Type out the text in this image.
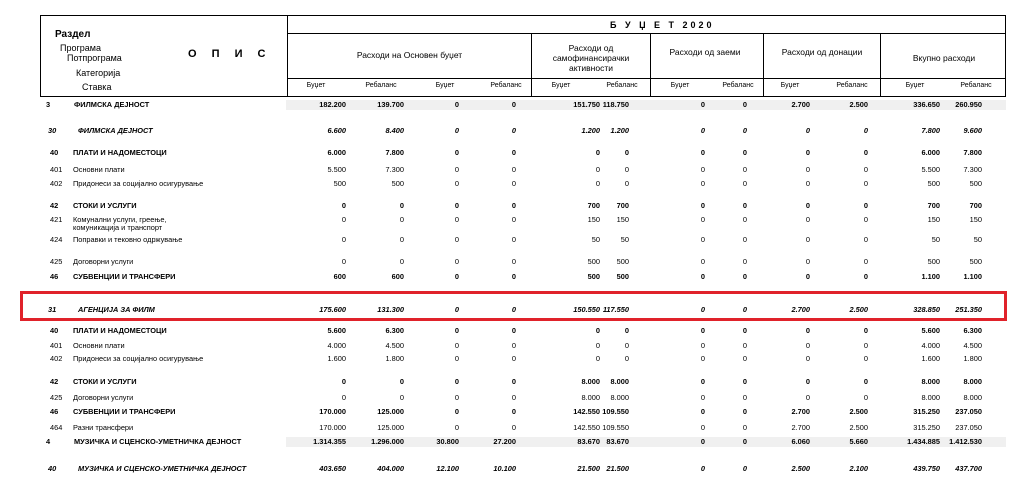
Раздел
Програма
Потпрограма
Категорија
Ставка
О П И С
Б У Џ Е Т 2020
Расходи на Основен буџет
Расходи од самофинансирачки активности
Расходи од заеми	Расходи од донации
Вкупно расходи
Буџет	Ребаланс	Буџет	Ребаланс	Буџет	Ребаланс	Буџет	Ребаланс	Буџет	Ребаланс	Буџет	Ребаланс
3	ФИЛМСКА ДЕЈНОСТ	182.200	139.700	0	0	151.750 118.750	0	0	2.700	2.500	336.650	260.950
30	ФИЛМСКА ДЕЈНОСТ	6.600	8.400	0	0	1.200	1.200	0	0	0	0	7.800	9.600
40 ПЛАТИ И НАДОМЕСТОЦИ	6.000	7.800	0	0	0	0	0	0	0	0	6.000	7.800
401 Основни плати	5.500	7.300	0	0	0	0	0	0	0	0	5.500	7.300
402 Придонеси за социјално осигурување	500	500	0	0	0	0	0	0	0	0	500	500
42 СТОКИ И УСЛУГИ	0	0	0	0	700	700	0	0	0	0	700	700
421 Комунални услуги, греење, комуникација и транспорт
0	0	0	0	150	150	0	0	0	0	150	150
424 Поправки и тековно одржување	0	0	0	0	50	50	0	0	0	0	50	50
425 Договорни услуги	0	0	0	0	500	500	0	0	0	0	500	500
46 СУБВЕНЦИИ И ТРАНСФЕРИ	600	600	0	0	500	500	0	0	0	0	1.100	1.100
31	АГЕНЦИЈА ЗА ФИЛМ	175.600	131.300	0	0	150.550 117.550	0	0	2.700	2.500	328.850	251.350
40 ПЛАТИ И НАДОМЕСТОЦИ	5.600	6.300	0	0	0	0	0	0	0	0	5.600	6.300
401 Основни плати	4.000	4.500	0	0	0	0	0	0	0	0	4.000	4.500
402 Придонеси за социјално осигурување	1.600	1.800	0	0	0	0	0	0	0	0	1.600	1.800
42 СТОКИ И УСЛУГИ	0	0	0	0	8.000	8.000	0	0	0	0	8.000	8.000
425 Договорни услуги	0	0	0	0	8.000	8.000	0	0	0	0	8.000	8.000
46 СУБВЕНЦИИ И ТРАНСФЕРИ	170.000	125.000	0	0	142.550 109.550	0	0	2.700	2.500	315.250	237.050
464 Разни трансфери	170.000	125.000	0	0	142.550 109.550	0	0	2.700	2.500	315.250	237.050
4	МУЗИЧКА И СЦЕНСКО-УМЕТНИЧКА ДЕЈНОСТ	1.314.355	1.296.000	30.800	27.200	83.670 83.670	0	0	6.060	5.660	1.434.885	1.412.530
40	МУЗИЧКА И СЦЕНСКО-УМЕТНИЧКА ДЕЈНОСТ	403.650	404.000	12.100	10.100	21.500 21.500	0	0	2.500	2.100	439.750	437.700
